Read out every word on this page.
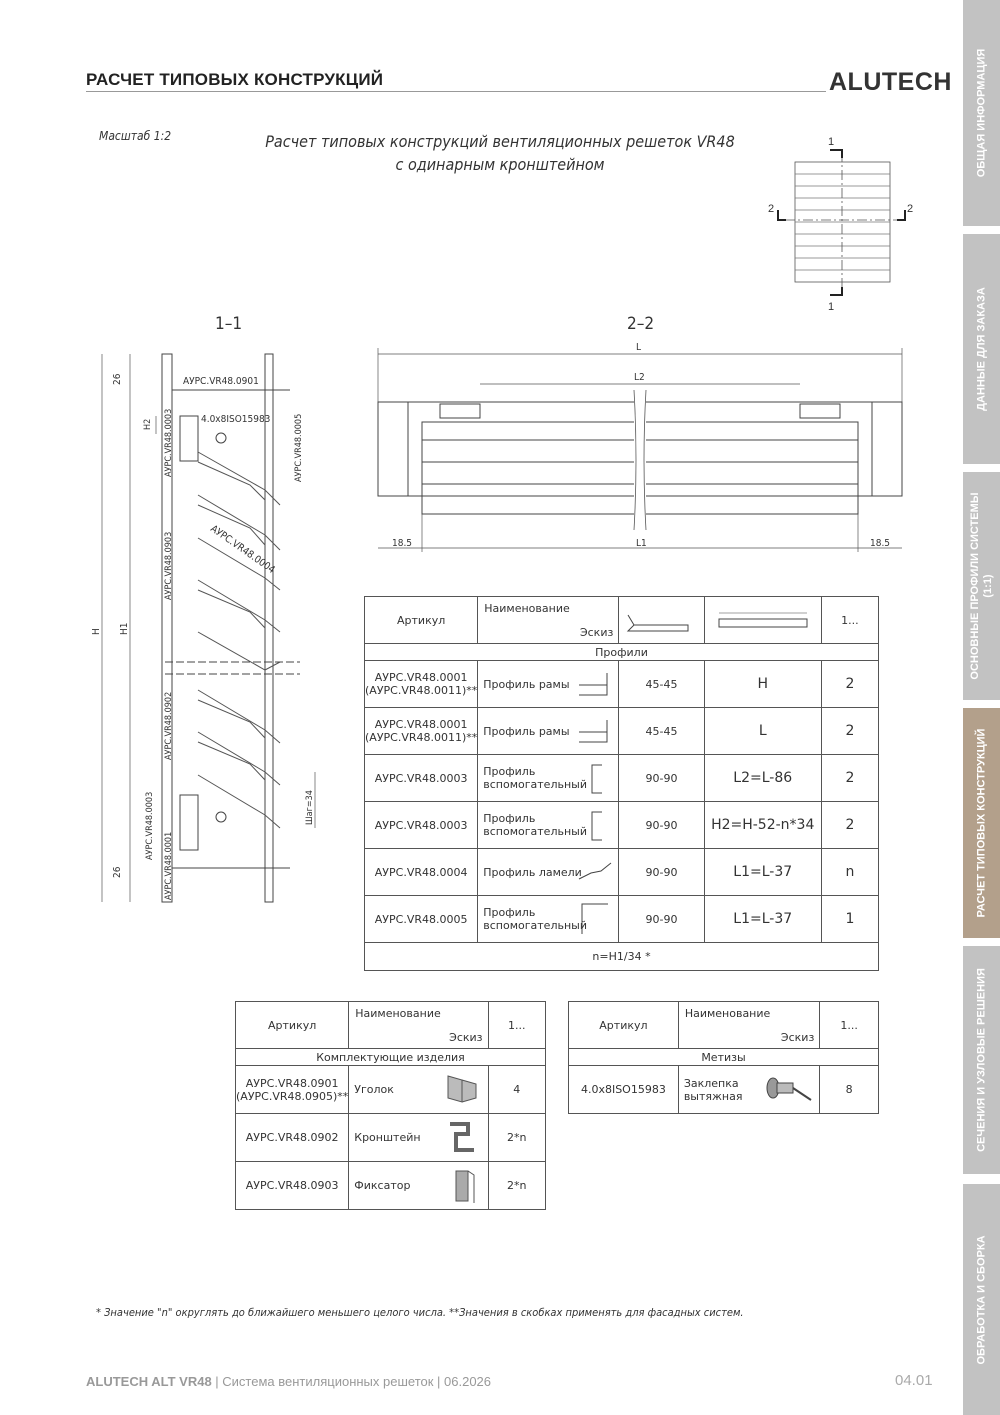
РАСЧЕТ ТИПОВЫХ КОНСТРУКЦИЙ	ALUTECH ОБЩАЯ ИНФОРМАЦИЯ
ДАННЫЕ ДЛЯ ЗАКАЗА
ОСНОВНЫЕ ПРОФИЛИ СИСТЕМЫ (1:1)
РАСЧЕТ ТИПОВЫХ КОНСТРУКЦИЙ
СЕЧЕНИЯ И УЗЛОВЫЕ РЕШЕНИЯ
ОБРАБОТКА И СБОРКА
Масштаб 1:2	Расчет типовых конструкций вентиляционных решеток VR48
с одинарным кронштейном
1
1
2	2
1–1	2–2
26
H2
H H1
26
Шаг=34
АУРС.VR48.0901
АУРС.VR48.0003	4.0x8ISO15983	АУРС.VR48.0005
АУРС.VR48.0004
АУРС.VR48.0903
АУРС.VR48.0902
АУРС.VR48.0003
АУРС.VR48.0001
L
L2
L1
18.5	18.5
Артикул	Наименование
Эскиз			1...
Профили				
АУРС.VR48.0001 (АУРС.VR48.0011)**	Профиль рамы	45-45	H	2
АУРС.VR48.0001 (АУРС.VR48.0011)**	Профиль рамы	45-45	L	2
АУРС.VR48.0003	Профиль вспомогательный	90-90	L2=L-86	2
АУРС.VR48.0003	Профиль вспомогательный	90-90	H2=H-52-n*34	2
АУРС.VR48.0004	Профиль ламели	90-90	L1=L-37	n
АУРС.VR48.0005	Профиль вспомогательный	90-90	L1=L-37	1
n=H1/34 *				
Артикул	Наименование
Эскиз	1...
Комплектующие изделия		
АУРС.VR48.0901 (АУРС.VR48.0905)**	Уголок	4
АУРС.VR48.0902	Кронштейн	2*n
АУРС.VR48.0903	Фиксатор	2*n
Артикул	Наименование
Эскиз	1...
Метизы		
4.0x8ISO15983	Заклепка вытяжная	8
* Значение "n" округлять до ближайшего меньшего целого числа. **Значения в скобках применять для фасадных систем.
ALUTECH ALT VR48 | Система вентиляционных решеток | 06.2026	04.01
